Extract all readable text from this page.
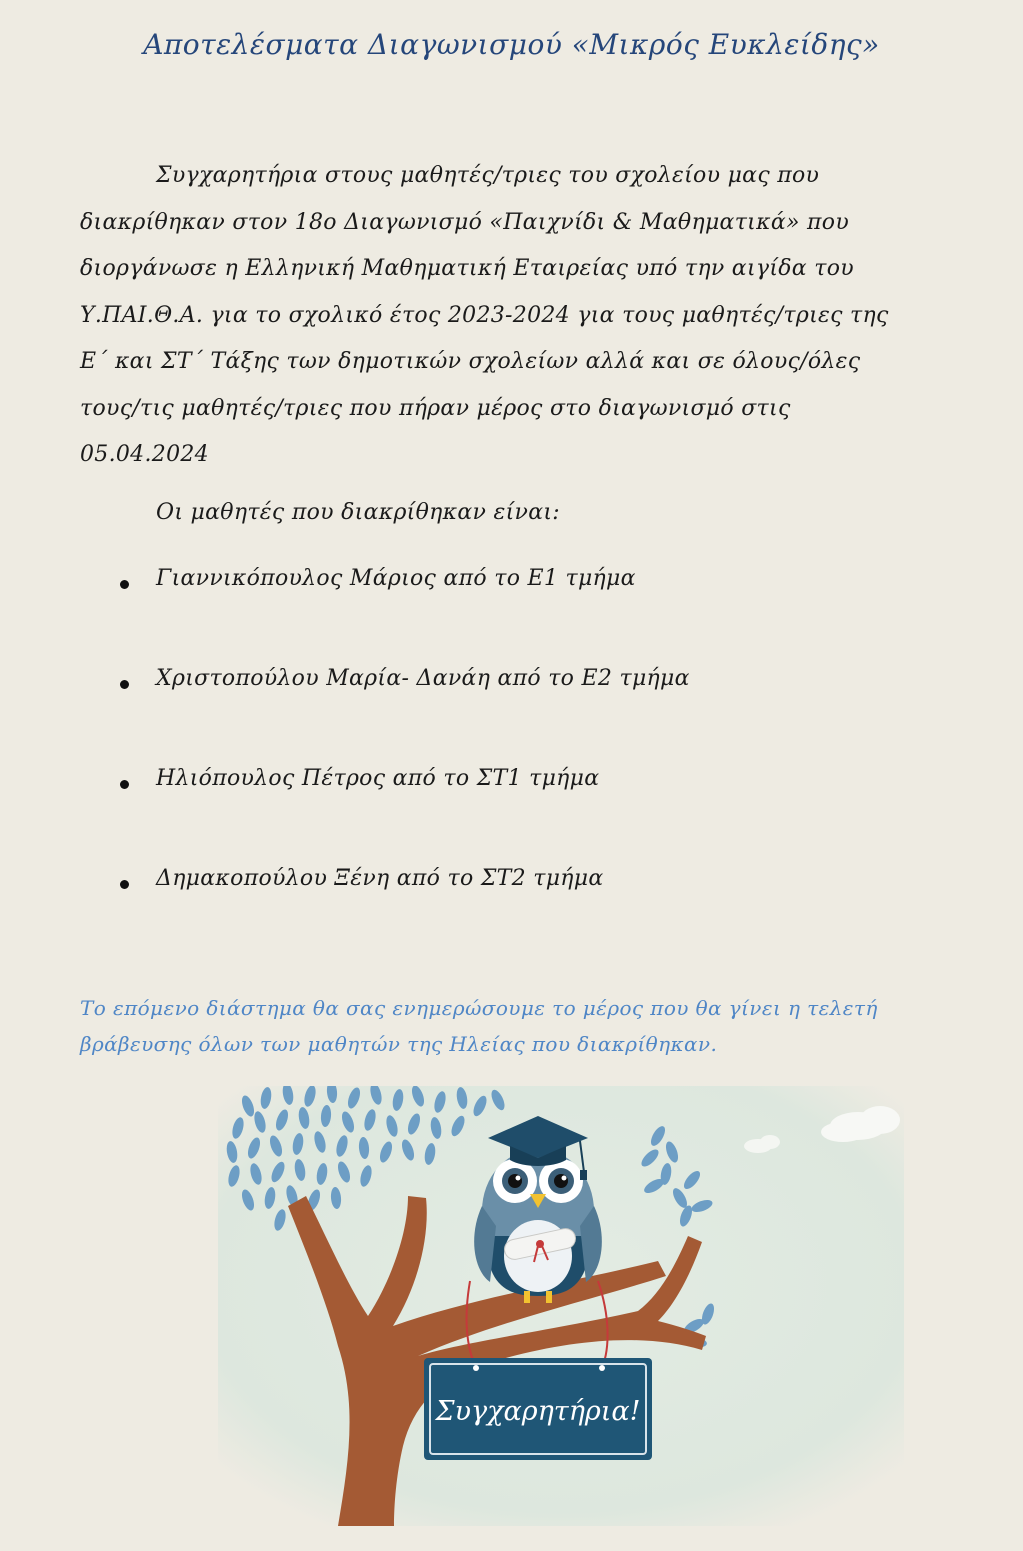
Αποτελέσματα Διαγωνισμού «Μικρός Ευκλείδης»
Συγχαρητήρια στους μαθητές/τριες του σχολείου μας που διακρίθηκαν στον 18ο Διαγωνισμό «Παιχνίδι & Μαθηματικά» που διοργάνωσε η Ελληνική Μαθηματική Εταιρείας υπό την αιγίδα του Υ.ΠΑΙ.Θ.Α. για το σχολικό έτος 2023-2024 για τους μαθητές/τριες της Ε΄ και ΣΤ΄ Τάξης των δημοτικών σχολείων αλλά και σε όλους/όλες τους/τις μαθητές/τριες που πήραν μέρος στο διαγωνισμό στις 05.04.2024
Οι μαθητές που διακρίθηκαν είναι:
Γιαννικόπουλος Μάριος από το Ε1 τμήμα
Χριστοπούλου Μαρία- Δανάη από το Ε2 τμήμα
Ηλιόπουλος Πέτρος από το ΣΤ1 τμήμα
Δημακοπούλου Ξένη από το ΣΤ2 τμήμα
Το επόμενο διάστημα θα σας ενημερώσουμε το μέρος που θα γίνει η τελετή βράβευσης όλων των μαθητών της Ηλείας που διακρίθηκαν.
Συγχαρητήρια!
